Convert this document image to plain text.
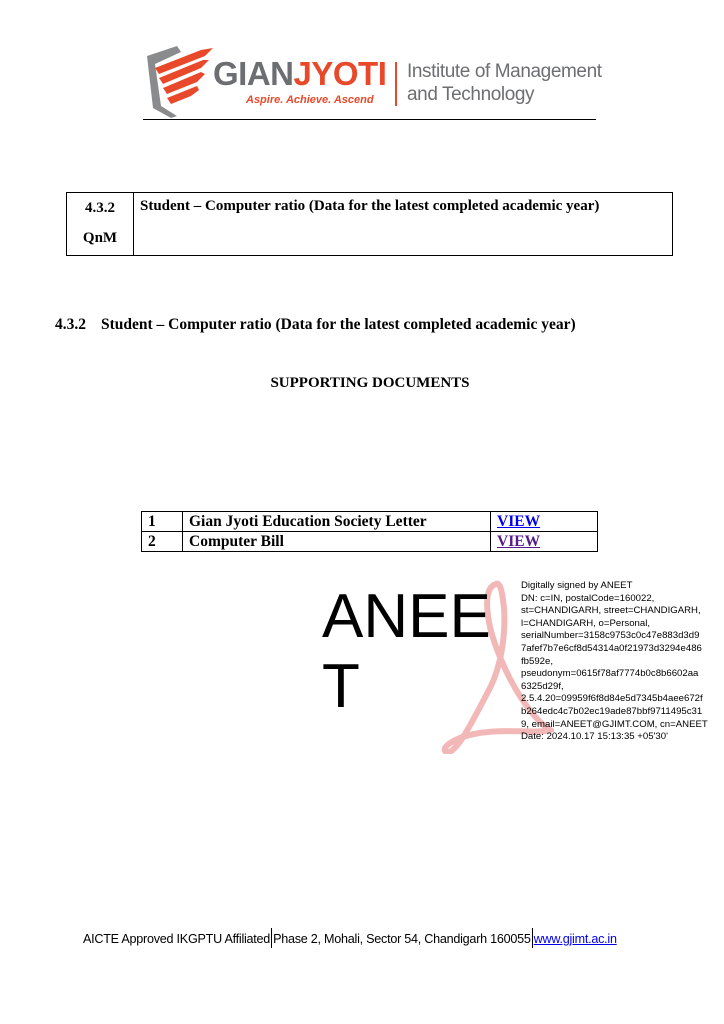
GIANJYOTI
Aspire. Achieve. Ascend
Institute of Management
and Technology
4.3.2
QnM
	Student – Computer ratio (Data for the latest completed academic year)
4.3.2 Student – Computer ratio (Data for the latest completed academic year)
SUPPORTING DOCUMENTS
1	Gian Jyoti Education Society Letter	VIEW
2	Computer Bill	VIEW
ANEE
T
Digitally signed by ANEET
DN: c=IN, postalCode=160022,
st=CHANDIGARH, street=CHANDIGARH,
l=CHANDIGARH, o=Personal,
serialNumber=3158c9753c0c47e883d3d9
7afef7b7e6cf8d54314a0f21973d3294e486
fb592e,
pseudonym=0615f78af7774b0c8b6602aa
6325d29f,
2.5.4.20=09959f6f8d84e5d7345b4aee672f
b264edc4c7b02ec19ade87bbf9711495c31
9, email=ANEET@GJIMT.COM, cn=ANEET
Date: 2024.10.17 15:13:35 +05'30'
AICTE Approved IKGPTU Affiliated Phase 2, Mohali, Sector 54, Chandigarh 160055 www.gjimt.ac.in
